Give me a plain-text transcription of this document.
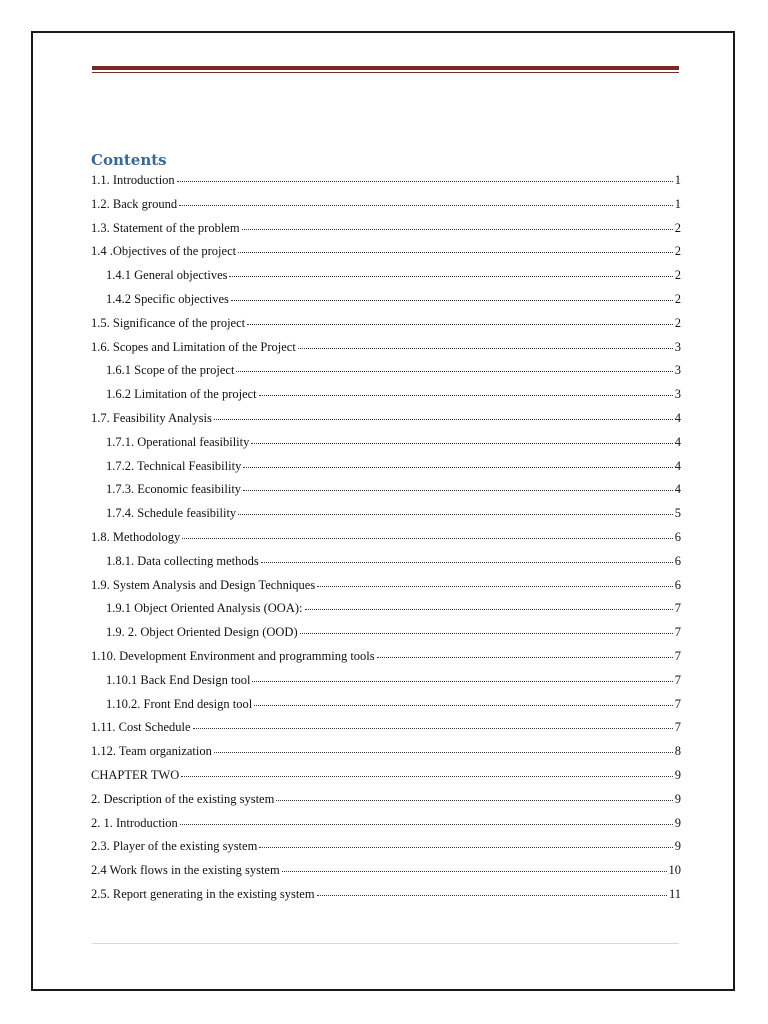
Contents
1.1. Introduction	1
1.2. Back ground	1
1.3. Statement of the problem	2
1.4 .Objectives of the project	2
1.4.1 General objectives	2
1.4.2 Specific objectives	2
1.5. Significance of the project	2
1.6. Scopes and Limitation of the Project	3
1.6.1 Scope of the project	3
1.6.2 Limitation of the project	3
1.7. Feasibility Analysis	4
1.7.1. Operational feasibility	4
1.7.2. Technical Feasibility	4
1.7.3. Economic feasibility	4
1.7.4. Schedule feasibility	5
1.8. Methodology	6
1.8.1. Data collecting methods	6
1.9. System Analysis and Design Techniques	6
1.9.1 Object Oriented Analysis (OOA):	7
1.9. 2. Object Oriented Design (OOD)	7
1.10. Development Environment and programming tools	7
1.10.1 Back End Design tool	7
1.10.2. Front End design tool	7
1.11. Cost Schedule	7
1.12. Team organization	8
CHAPTER TWO	9
2. Description of the existing system	9
2. 1. Introduction	9
2.3. Player of the existing system	9
2.4 Work flows in the existing system	10
2.5. Report generating in the existing system	11
